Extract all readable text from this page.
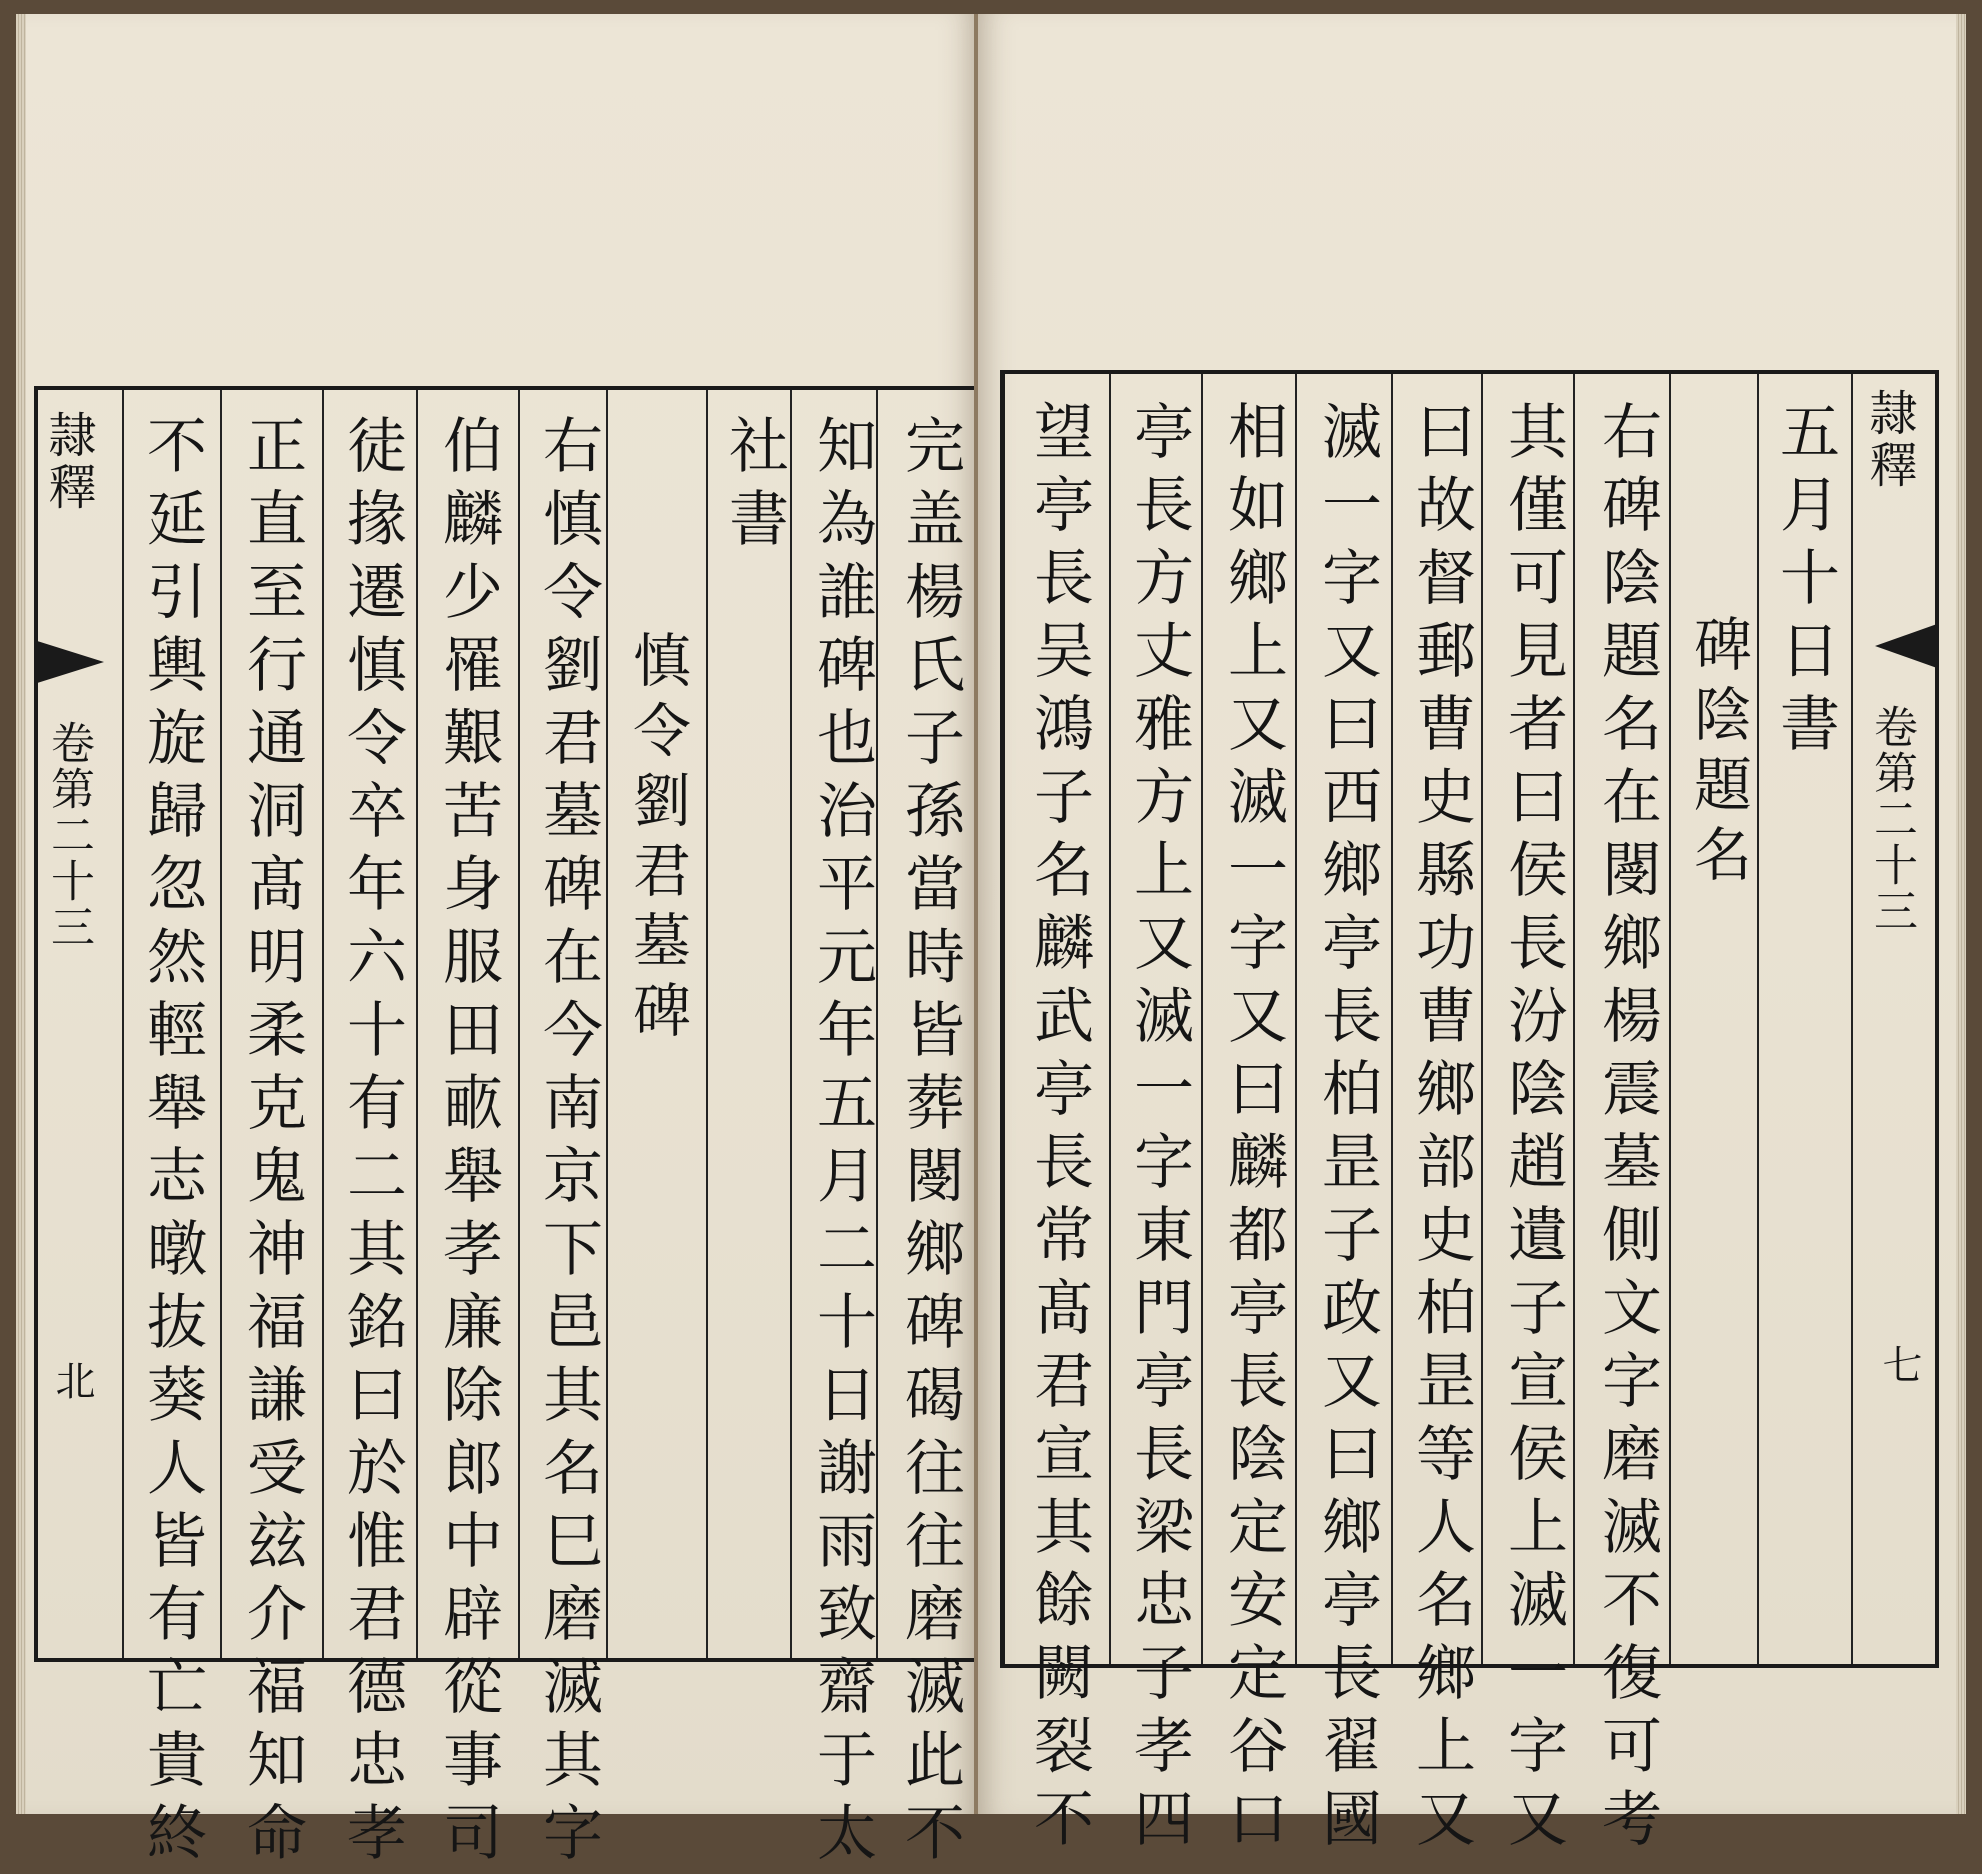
完盖楊氏子孫當時皆葬閿鄉碑碣往往磨滅此不
知為誰碑也治平元年五月二十日謝雨致齋于太
社書
慎令劉君墓碑
右慎令劉君墓碑在今南京下邑其名巳磨滅其字
伯麟少罹艱苦身服田畞舉孝廉除郎中辟從事司
徒掾遷慎令卒年六十有二其銘曰於惟君德忠孝
正直至行通洞髙明柔克鬼神福謙受玆介福知命
不延引輿旋歸忽然輕舉志暾抜葵人皆有亡貴終
隷釋
卷第二十三
北
隷釋
卷第二十三
七
五月十日書
碑陰題名
右碑陰題名在閿鄉楊震墓側文字磨滅不復可考
其僅可見者曰侯長汾陰趙遺子宣侯上滅一字又
曰故督郵曹史縣功曹鄉部史柏昰等人名鄉上又
滅一字又曰西鄉亭長柏昰子政又曰鄉亭長翟國
相如鄉上又滅一字又曰麟都亭長陰定安定谷口
亭長方丈雅方上又滅一字東門亭長梁忠子孝四
望亭長吴鴻子名麟武亭長常髙君宣其餘闕裂不
